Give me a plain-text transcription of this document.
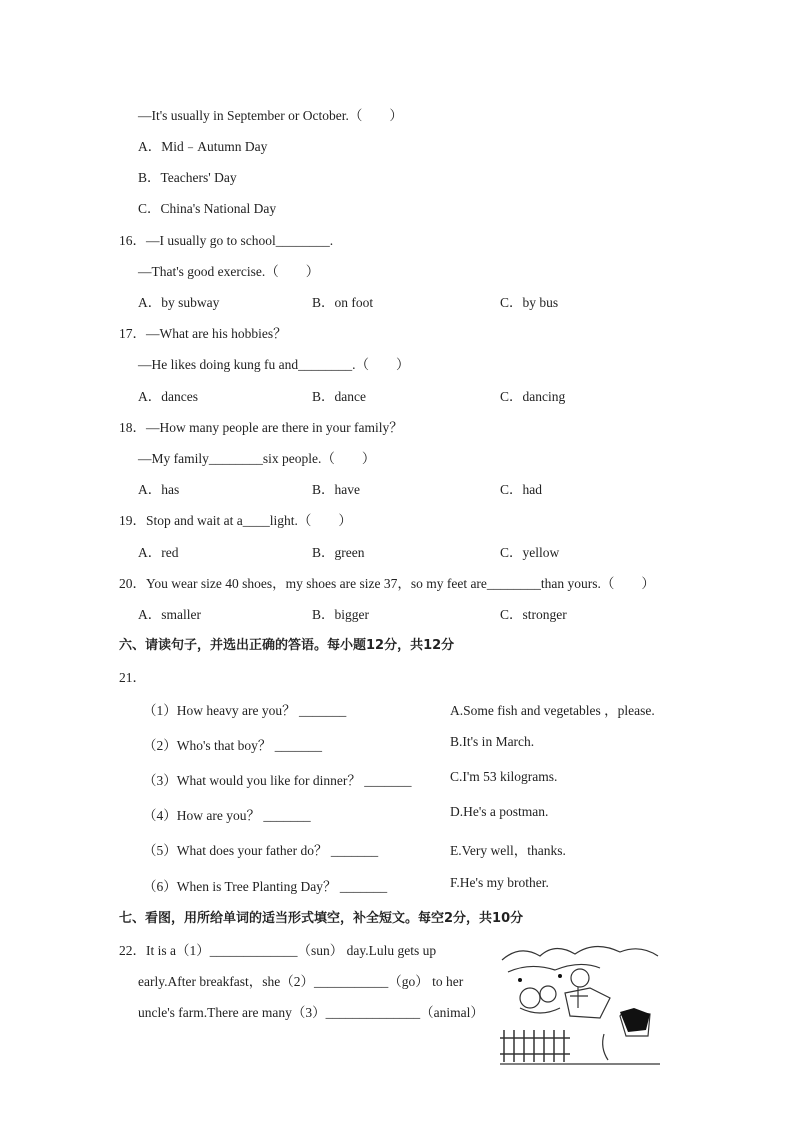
—It's usually in September or October.（　　）
A．Mid﹣Autumn Day
B．Teachers' Day
C．China's National Day
16．—I usually go to school________.
—That's good exercise.（　　）
A．by subway	B．on foot	C．by bus
17．—What are his hobbies？
—He likes doing kung fu and________.（　　）
A．dances	B．dance	C．dancing
18．—How many people are there in your family？
—My family________six people.（　　）
A．has	B．have	C．had
19．Stop and wait at a____light.（　　）
A．red	B．green	C．yellow
20．You wear size 40 shoes，my shoes are size 37，so my feet are________than yours.（　　）
A．smaller	B．bigger	C．stronger
六、请读句子，并选出正确的答语。每小题12分，共12分
21．
（1）How heavy are you？ _______
（2）Who's that boy？ _______
（3）What would you like for dinner？ _______
（4）How are you？ _______
（5）What does your father do？ _______
（6）When is Tree Planting Day？ _______
A.Some fish and vegetables ，please.
B.It's in March.
C.I'm 53 kilograms.
D.He's a postman.
E.Very well，thanks.
F.He's my brother.
七、看图，用所给单词的适当形式填空，补全短文。每空2分，共10分
22．It is a（1）_____________（sun） day.Lulu gets up
early.After breakfast，she（2）___________（go） to her
uncle's farm.There are many（3）______________（animal）
